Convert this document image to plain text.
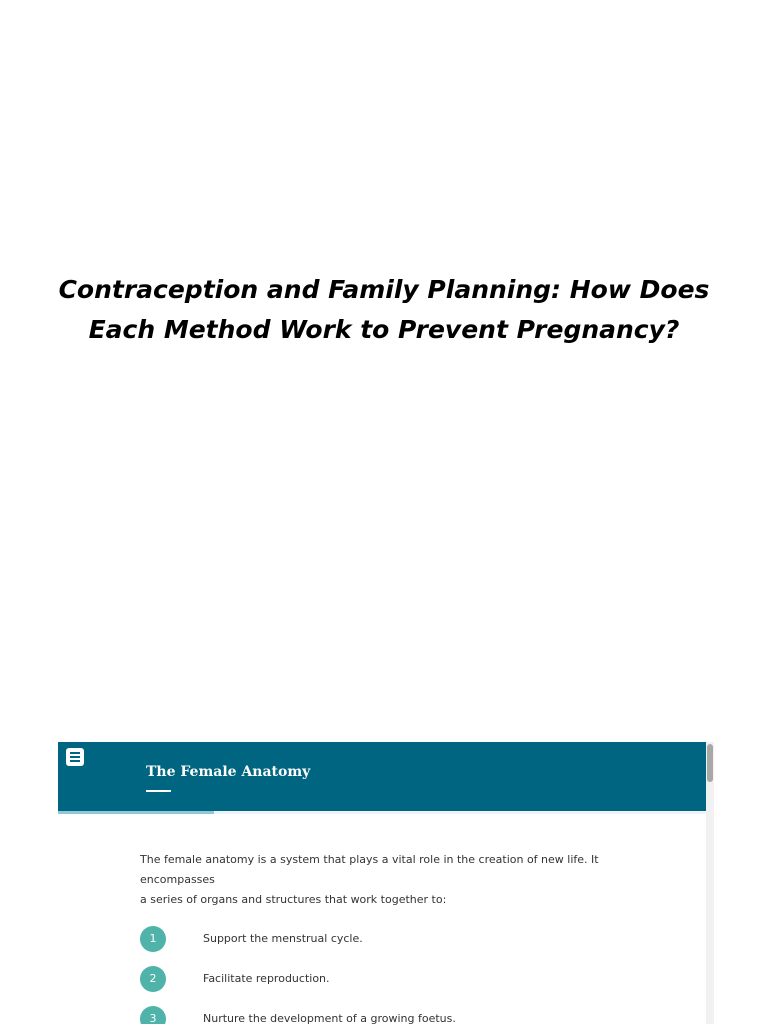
Contraception and Family Planning: How Does Each Method Work to Prevent Pregnancy?
The Female Anatomy

The female anatomy is a system that plays a vital role in the creation of new life. It encompasses
a series of organs and structures that work together to:

1	Support the menstrual cycle.
2	Facilitate reproduction.
3	Nurture the development of a growing foetus.
